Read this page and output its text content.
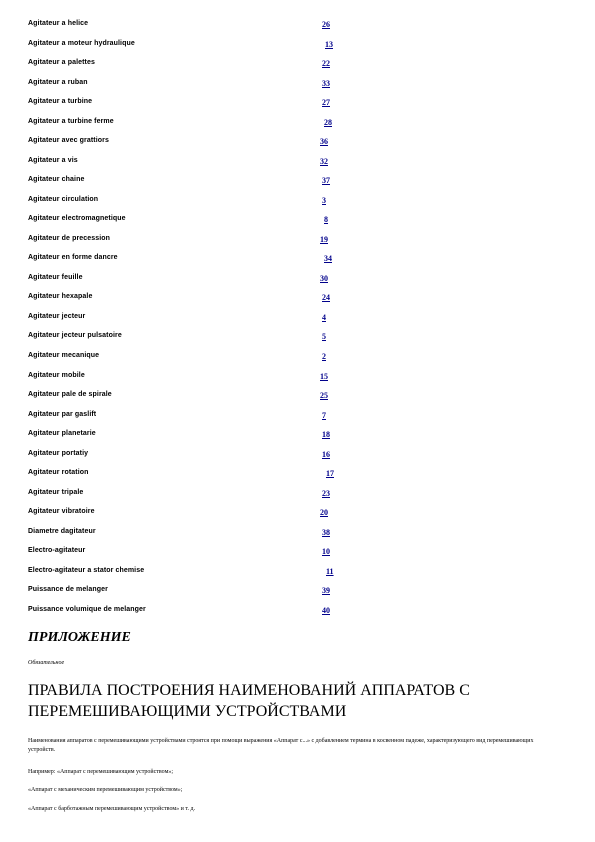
Agitateur a helice	26
Agitateur a moteur hydraulique	13
Agitateur a palettes	22
Agitateur a ruban	33
Agitateur a turbine	27
Agitateur a turbine ferme	28
Agitateur avec grattiors	36
Agitateur a vis	32
Agitateur chaine	37
Agitateur circulation	3
Agitateur electromagnetique	8
Agitateur de precession	19
Agitateur en forme dancre	34
Agitateur feuille	30
Agitateur hexapale	24
Agitateur jecteur	4
Agitateur jecteur pulsatoire	5
Agitateur mecanique	2
Agitateur mobile	15
Agitateur pale de spirale	25
Agitateur par gaslift	7
Agitateur planetarie	18
Agitateur portatiy	16
Agitateur rotation	17
Agitateur tripale	23
Agitateur vibratoire	20
Diametre dagitateur	38
Electro-agitateur	10
Electro-agitateur a stator chemise	11
Puissance de melanger	39
Puissance volumique de melanger	40
ПРИЛОЖЕНИЕ
Обязательное
ПРАВИЛА ПОСТРОЕНИЯ НАИМЕНОВАНИЙ АППАРАТОВ С ПЕРЕМЕШИВАЮЩИМИ УСТРОЙСТВАМИ
Наименования аппаратов с перемешивающими устройствами строятся при помощи выражения «Аппарат с...» с добавлением термина в косвенном падеже, характеризующего вид перемешивающих устройств.
Например: «Аппарат с перемешивающим устройством»;
«Аппарат с механическим перемешивающим устройством»;
«Аппарат с барботажным перемешивающим устройством» и т. д.
